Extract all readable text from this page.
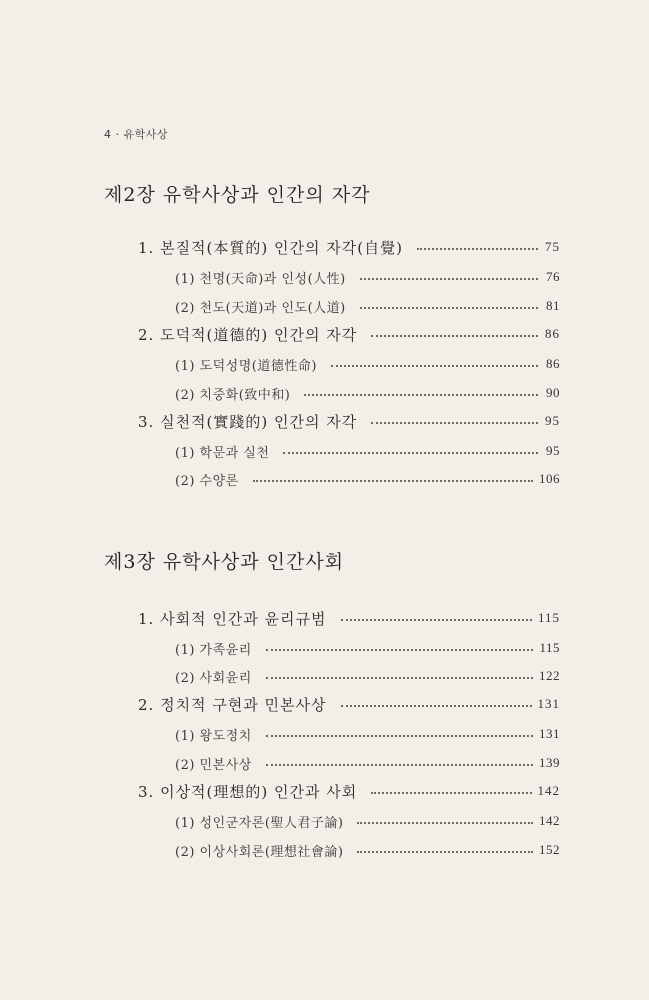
4 · 유학사상
제2장 유학사상과 인간의 자각
1. 본질적(本質的) 인간의 자각(自覺)	75
(1) 천명(天命)과 인성(人性)	76
(2) 천도(天道)과 인도(人道)	81
2. 도덕적(道德的) 인간의 자각	86
(1) 도덕성명(道德性命)	86
(2) 치중화(致中和)	90
3. 실천적(實踐的) 인간의 자각	95
(1) 학문과 실천	95
(2) 수양론	106
제3장 유학사상과 인간사회
1. 사회적 인간과 윤리규범	115
(1) 가족윤리	115
(2) 사회윤리	122
2. 정치적 구현과 민본사상	131
(1) 왕도정치	131
(2) 민본사상	139
3. 이상적(理想的) 인간과 사회	142
(1) 성인군자론(聖人君子論)	142
(2) 이상사회론(理想社會論)	152
